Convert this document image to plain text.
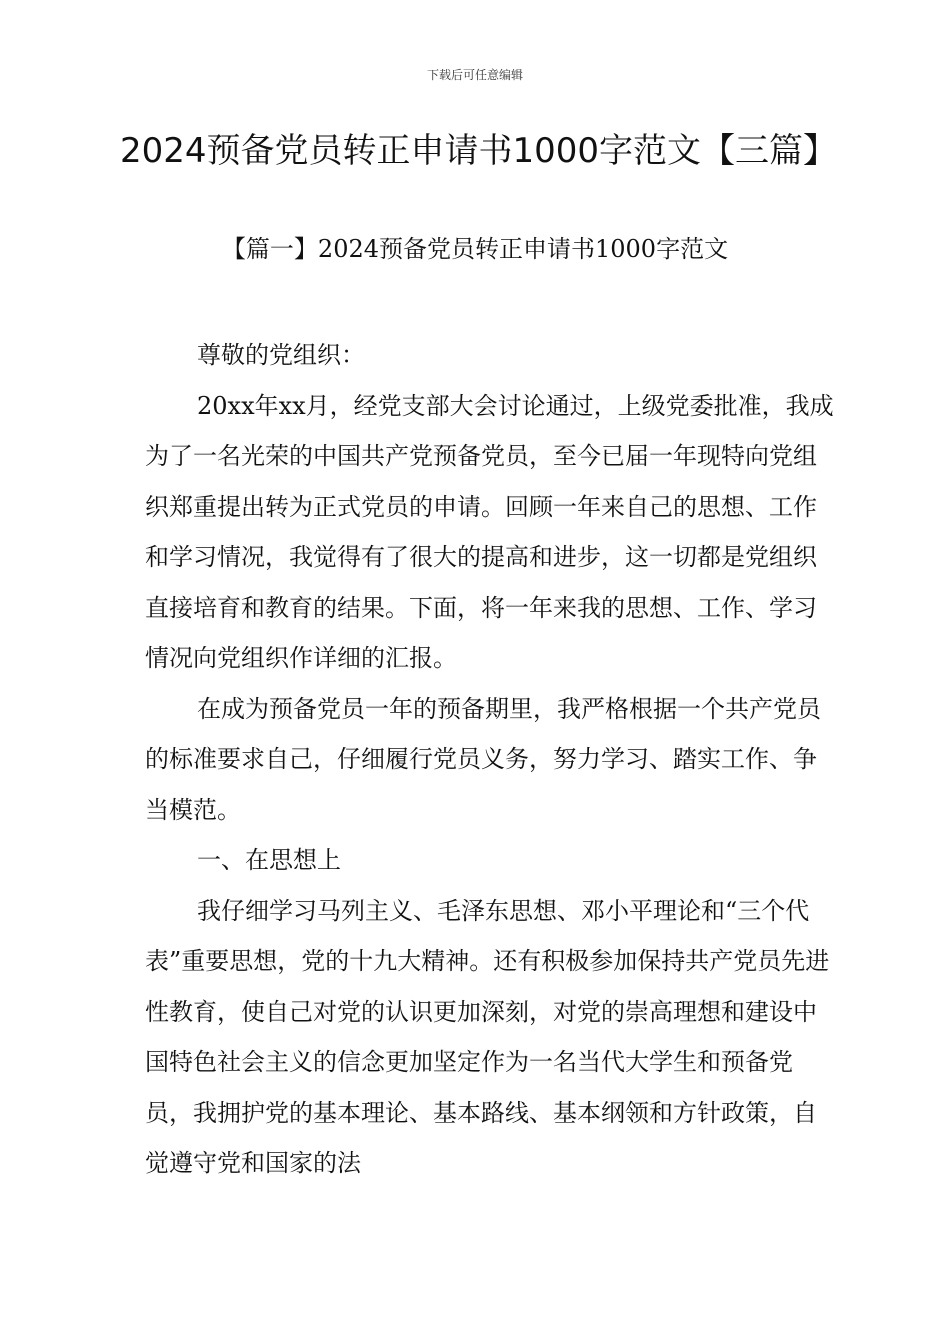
下载后可任意编辑
2024预备党员转正申请书1000字范文【三篇】
【篇一】2024预备党员转正申请书1000字范文

尊敬的党组织：

20xx年xx月，经党支部大会讨论通过，上级党委批准，我成为了一名光荣的中国共产党预备党员，至今已届一年现特向党组织郑重提出转为正式党员的申请。回顾一年来自己的思想、工作和学习情况，我觉得有了很大的提高和进步，这一切都是党组织直接培育和教育的结果。下面，将一年来我的思想、工作、学习情况向党组织作详细的汇报。

在成为预备党员一年的预备期里，我严格根据一个共产党员的标准要求自己，仔细履行党员义务，努力学习、踏实工作、争当模范。

一、在思想上

我仔细学习马列主义、毛泽东思想、邓小平理论和“三个代表”重要思想，党的十九大精神。还有积极参加保持共产党员先进性教育，使自己对党的认识更加深刻，对党的崇高理想和建设中国特色社会主义的信念更加坚定作为一名当代大学生和预备党员，我拥护党的基本理论、基本路线、基本纲领和方针政策，自觉遵守党和国家的法
